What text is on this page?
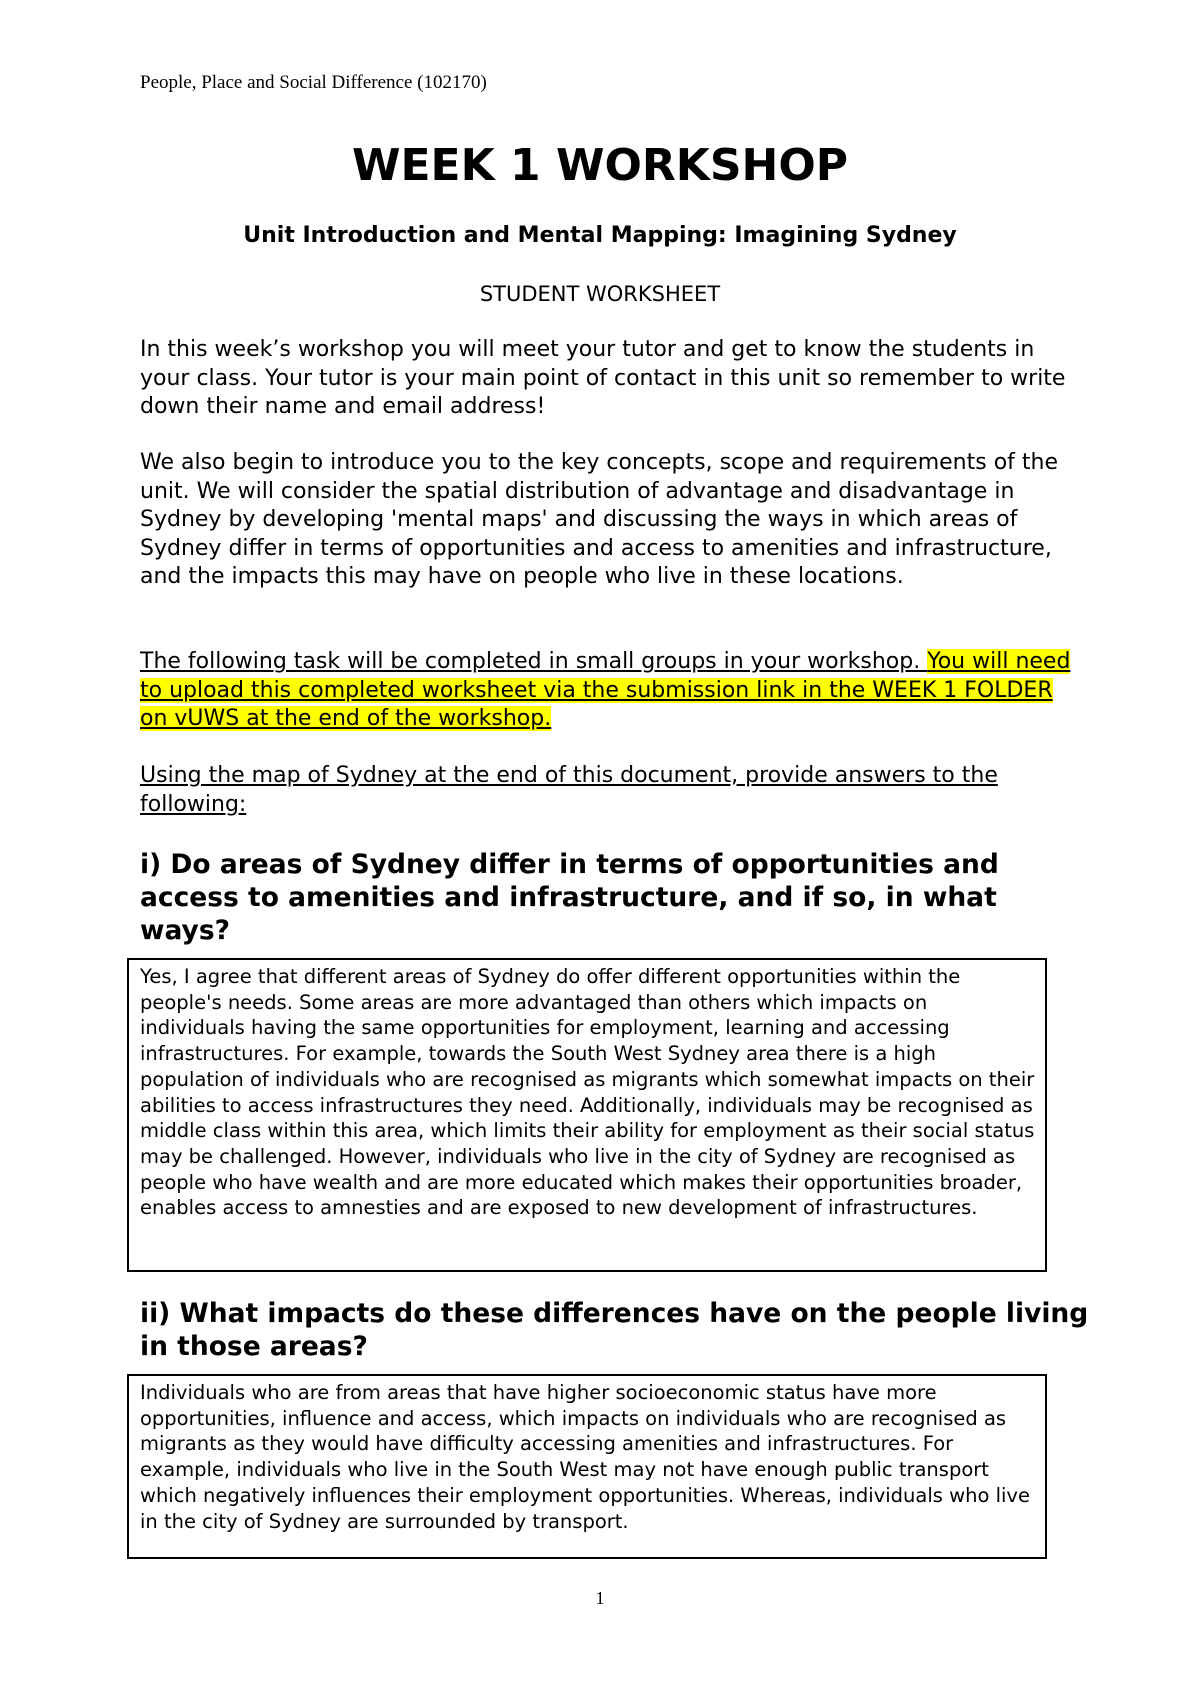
People, Place and Social Difference (102170)
WEEK 1 WORKSHOP
Unit Introduction and Mental Mapping: Imagining Sydney
STUDENT WORKSHEET

In this week’s workshop you will meet your tutor and get to know the students in your class. Your tutor is your main point of contact in this unit so remember to write down their name and email address!

We also begin to introduce you to the key concepts, scope and requirements of the unit. We will consider the spatial distribution of advantage and disadvantage in Sydney by developing 'mental maps' and discussing the ways in which areas of Sydney differ in terms of opportunities and access to amenities and infrastructure, and the impacts this may have on people who live in these locations.

The following task will be completed in small groups in your workshop. You will need to upload this completed worksheet via the submission link in the WEEK 1 FOLDER on vUWS at the end of the workshop.

Using the map of Sydney at the end of this document, provide answers to the following:

i) Do areas of Sydney differ in terms of opportunities and access to amenities and infrastructure, and if so, in what ways?
Yes, I agree that different areas of Sydney do offer different opportunities within the people's needs. Some areas are more advantaged than others which impacts on individuals having the same opportunities for employment, learning and accessing infrastructures. For example, towards the South West Sydney area there is a high population of individuals who are recognised as migrants which somewhat impacts on their abilities to access infrastructures they need. Additionally, individuals may be recognised as middle class within this area, which limits their ability for employment as their social status may be challenged. However, individuals who live in the city of Sydney are recognised as people who have wealth and are more educated which makes their opportunities broader, enables access to amnesties and are exposed to new development of infrastructures.
ii) What impacts do these differences have on the people living in those areas?
Individuals who are from areas that have higher socioeconomic status have more opportunities, influence and access, which impacts on individuals who are recognised as migrants as they would have difficulty accessing amenities and infrastructures. For example, individuals who live in the South West may not have enough public transport which negatively influences their employment opportunities. Whereas, individuals who live in the city of Sydney are surrounded by transport.
1
